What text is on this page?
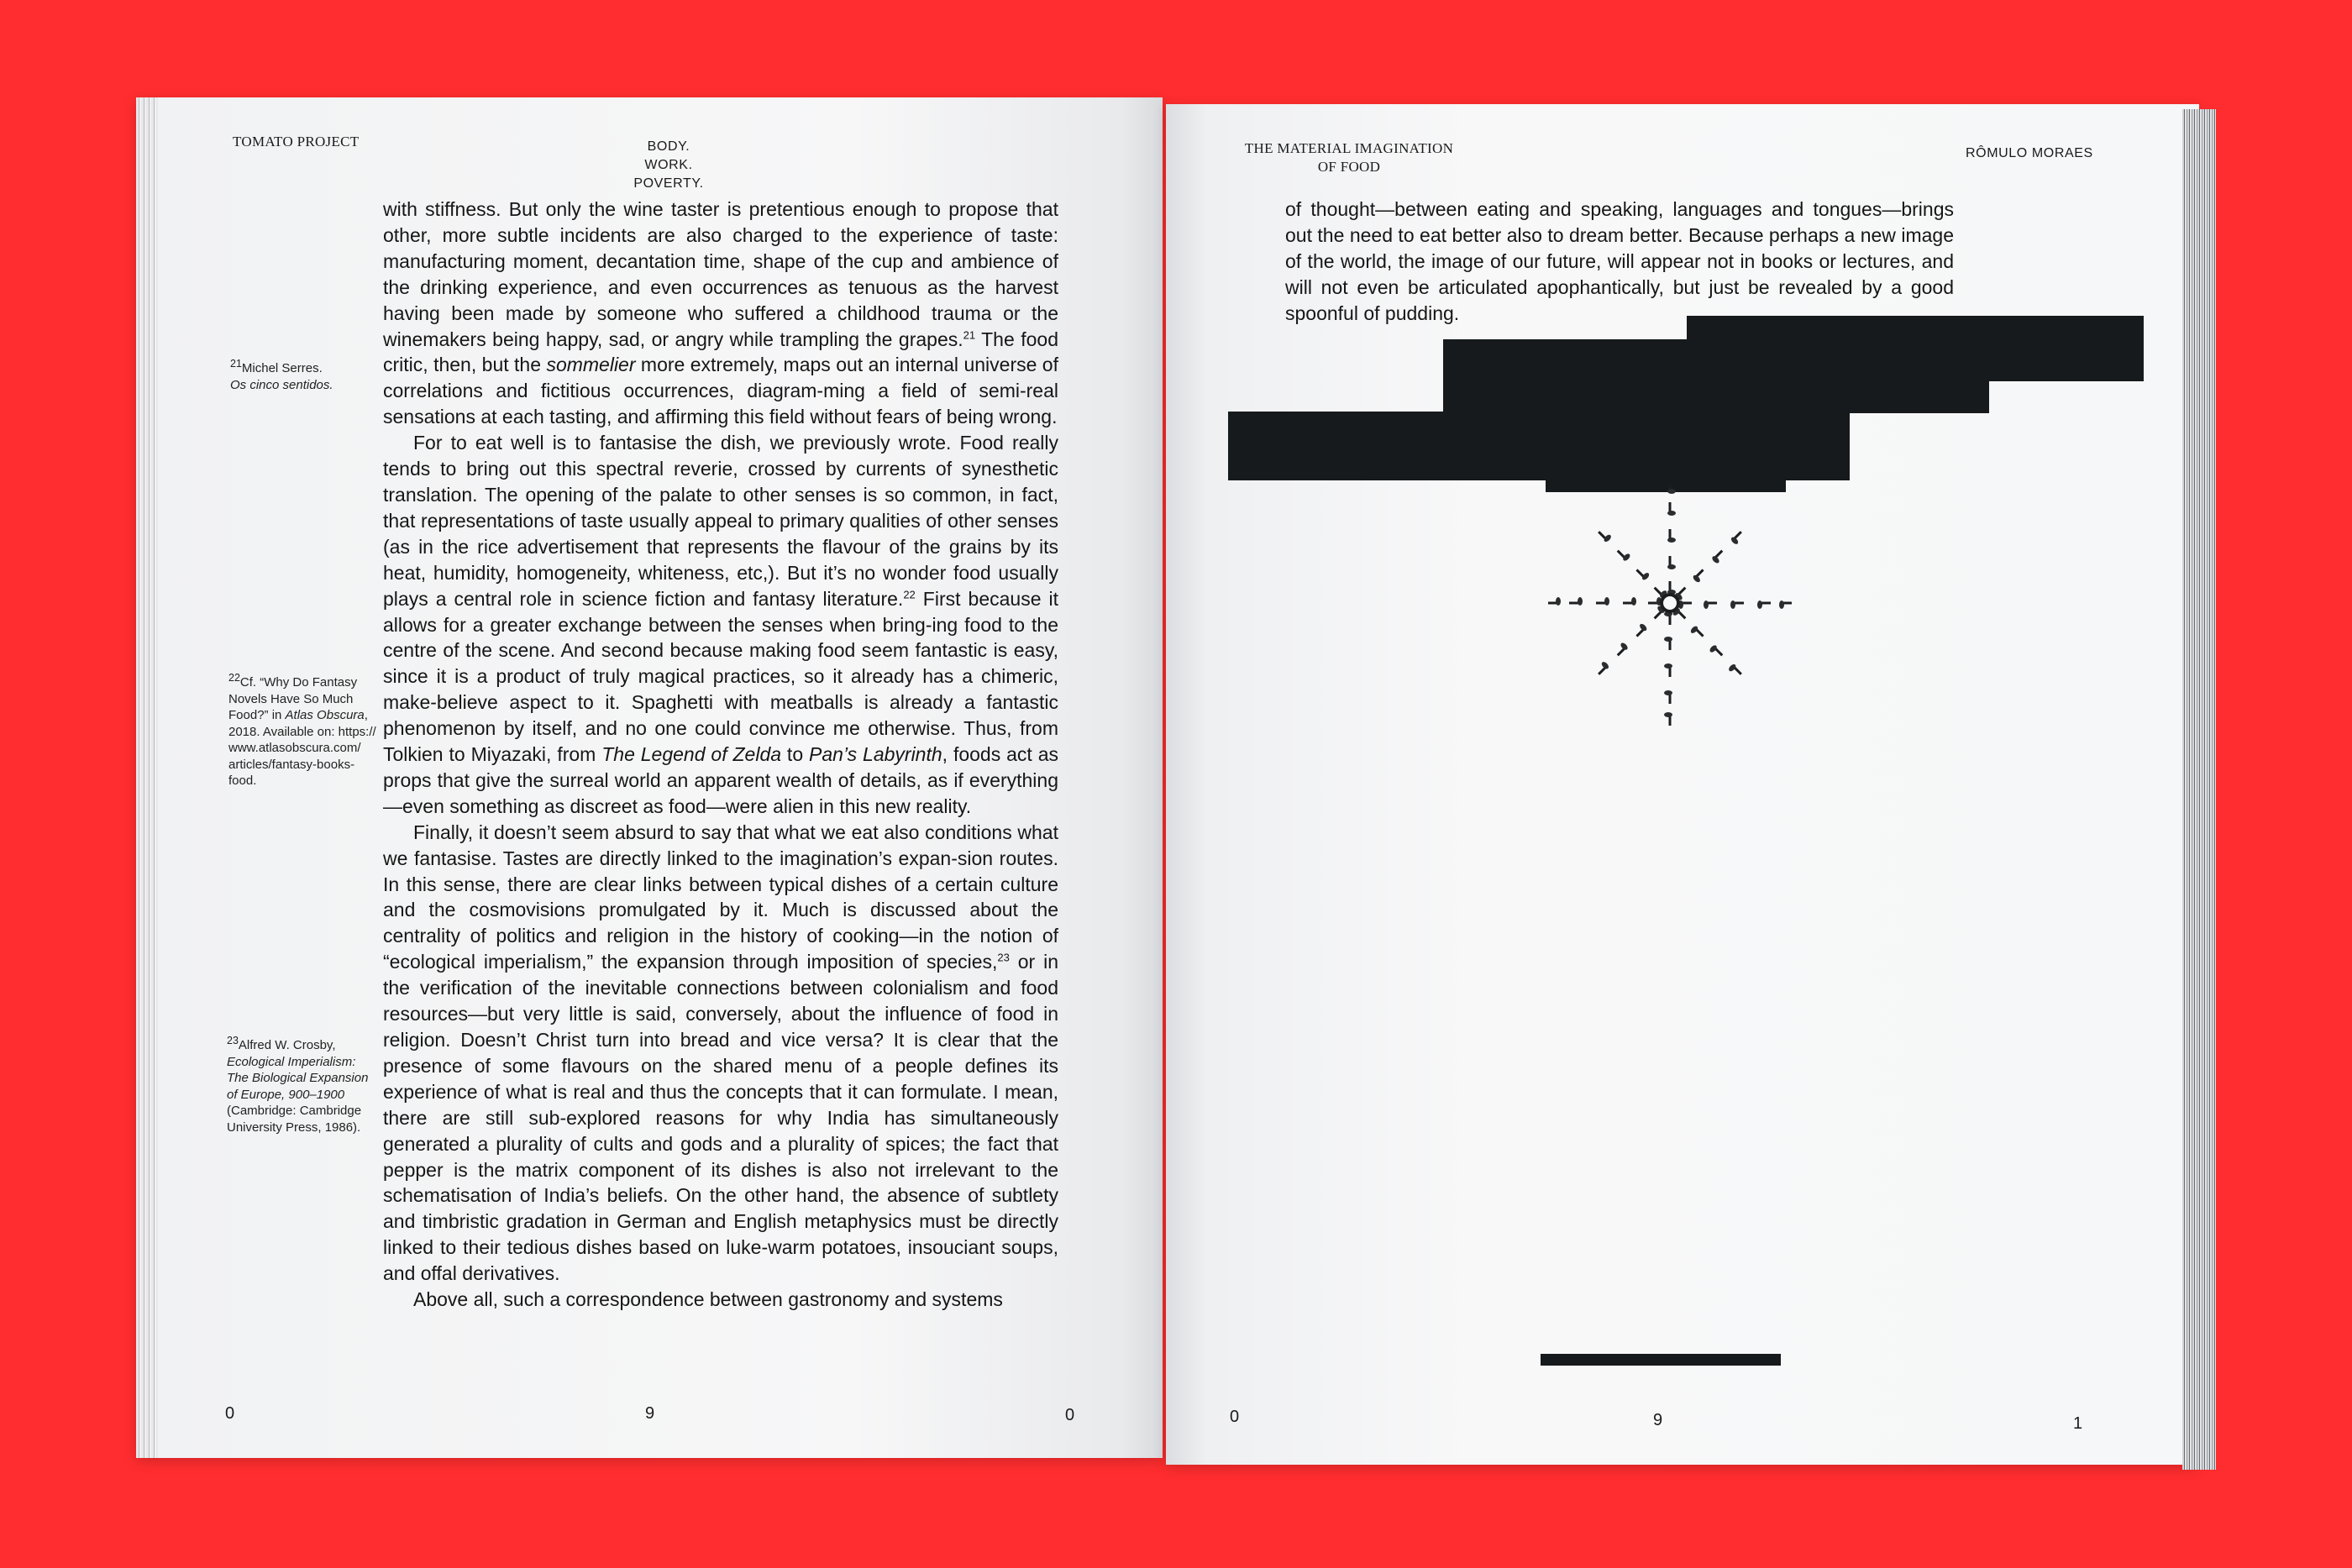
TOMATO PROJECT	BODY.
WORK.
POVERTY.
$^{21}$Michel Serres.
Os cinco sentidos.
$^{22}$Cf. “Why Do Fantasy Novels Have So Much Food?” in Atlas Obscura, 2018. Available on: https:// www.atlasobscura.com/ articles/fantasy-books-food.
$^{23}$Alfred W. Crosby, Ecological Imperialism: The Biological Expansion of Europe, 900–1900 (Cambridge: Cambridge University Press, 1986).

with stiffness. But only the wine taster is pretentious enough to propose that other, more subtle incidents are also charged to the experience of taste: manufacturing moment, decantation time, shape of the cup and ambience of the drinking experience, and even occurrences as tenuous as the harvest having been made by someone who suffered a childhood trauma or the winemakers being happy, sad, or angry while trampling the grapes.$^{21}$ The food critic, then, but the sommelier more extremely, maps out an internal universe of correlations and fictitious occurrences, diagram-ming a field of semi-real sensations at each tasting, and affirming this field without fears of being wrong.

For to eat well is to fantasise the dish, we previously wrote. Food really tends to bring out this spectral reverie, crossed by currents of synesthetic translation. The opening of the palate to other senses is so common, in fact, that representations of taste usually appeal to primary qualities of other senses (as in the rice advertisement that represents the flavour of the grains by its heat, humidity, homogeneity, whiteness, etc,). But it’s no wonder food usually plays a central role in science fiction and fantasy literature.$^{22}$ First because it allows for a greater exchange between the senses when bring-ing food to the centre of the scene. And second because making food seem fantastic is easy, since it is a product of truly magical practices, so it already has a chimeric, make-believe aspect to it. Spaghetti with meatballs is already a fantastic phenomenon by itself, and no one could convince me otherwise. Thus, from Tolkien to Miyazaki, from The Legend of Zelda to Pan’s Labyrinth, foods act as props that give the surreal world an apparent wealth of details, as if everything—even something as discreet as food—were alien in this new reality.

Finally, it doesn’t seem absurd to say that what we eat also conditions what we fantasise. Tastes are directly linked to the imagination’s expan-sion routes. In this sense, there are clear links between typical dishes of a certain culture and the cosmovisions promulgated by it. Much is discussed about the centrality of politics and religion in the history of cooking—in the notion of “ecological imperialism,” the expansion through imposition of species,$^{23}$ or in the verification of the inevitable connections between colonialism and food resources—but very little is said, conversely, about the influence of food in religion. Doesn’t Christ turn into bread and vice versa? It is clear that the presence of some flavours on the shared menu of a people defines its experience of what is real and thus the concepts that it can formulate. I mean, there are still sub-explored reasons for why India has simultaneously generated a plurality of cults and gods and a plurality of spices; the fact that pepper is the matrix component of its dishes is also not irrelevant to the schematisation of India’s beliefs. On the other hand, the absence of subtlety and timbristic gradation in German and English metaphysics must be directly linked to their tedious dishes based on luke-warm potatoes, insouciant soups, and offal derivatives.

Above all, such a correspondence between gastronomy and systems

0	9	0
THE MATERIAL IMAGINATION
OF FOOD
RÔMULO MORAES

of thought—between eating and speaking, languages and tongues—brings out the need to eat better also to dream better. Because perhaps a new image of the world, the image of our future, will appear not in books or lectures, and will not even be articulated apophantically, but just be revealed by a good spoonful of pudding.

0	9	1
